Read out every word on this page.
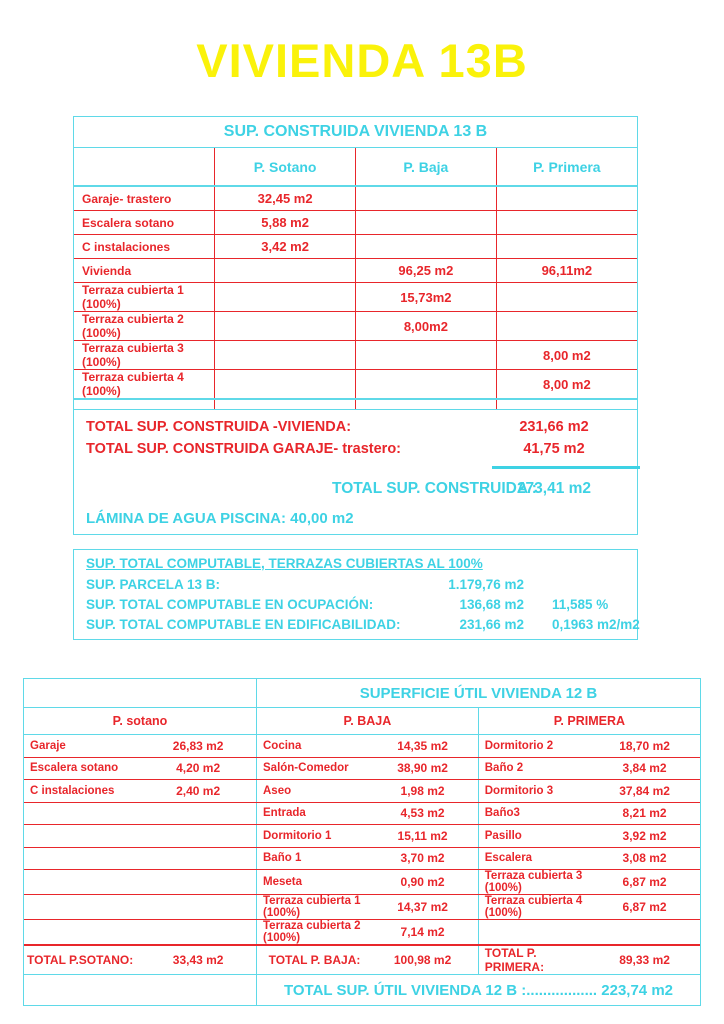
VIVIENDA 13B
SUP. CONSTRUIDA VIVIENDA 13 B			
	P. Sotano	P. Baja	P. Primera
Garaje- trastero	32,45 m2		
Escalera sotano	5,88 m2		
C instalaciones	3,42 m2		
Vivienda		96,25 m2	96,11m2
Terraza cubierta 1 (100%)		15,73m2	
Terraza cubierta 2 (100%)		8,00m2	
Terraza cubierta 3 (100%)			8,00 m2
Terraza cubierta 4 (100%)			8,00 m2

TOTAL SUP. CONSTRUIDA -VIVIENDA:	231,66 m2
TOTAL SUP. CONSTRUIDA GARAJE- trastero:	41,75 m2
TOTAL SUP. CONSTRUIDA :
273,41 m2
LÁMINA DE AGUA PISCINA: 40,00 m2
SUP. TOTAL COMPUTABLE, TERRAZAS CUBIERTAS AL 100%
SUP. PARCELA 13 B:	1.179,76 m2
SUP. TOTAL COMPUTABLE EN OCUPACIÓN:	136,68 m2 11,585 %
SUP. TOTAL COMPUTABLE EN EDIFICABILIDAD:	231,66 m2 0,1963 m2/m2
		SUPERFICIE ÚTIL VIVIENDA 12 B			
P. sotano		P. BAJA		P. PRIMERA	
Garaje	26,83 m2	Cocina	14,35 m2	Dormitorio 2	18,70 m2
Escalera sotano	4,20 m2	Salón-Comedor	38,90 m2	Baño 2	3,84 m2
C instalaciones	2,40 m2	Aseo	1,98 m2	Dormitorio 3	37,84 m2
		Entrada	4,53 m2	Baño3	8,21 m2
		Dormitorio 1	15,11 m2	Pasillo	3,92 m2
		Baño 1	3,70 m2	Escalera	3,08 m2
		Meseta	0,90 m2	Terraza cubierta 3 (100%)	6,87 m2
		Terraza cubierta 1 (100%)	14,37 m2	Terraza cubierta 4 (100%)	6,87 m2
		Terraza cubierta 2 (100%)	7,14 m2		
TOTAL P.SOTANO:	33,43 m2	TOTAL P. BAJA:	100,98 m2	TOTAL P. PRIMERA:	89,33 m2
		TOTAL SUP. ÚTIL VIVIENDA 12 B :................. 223,74 m2			
